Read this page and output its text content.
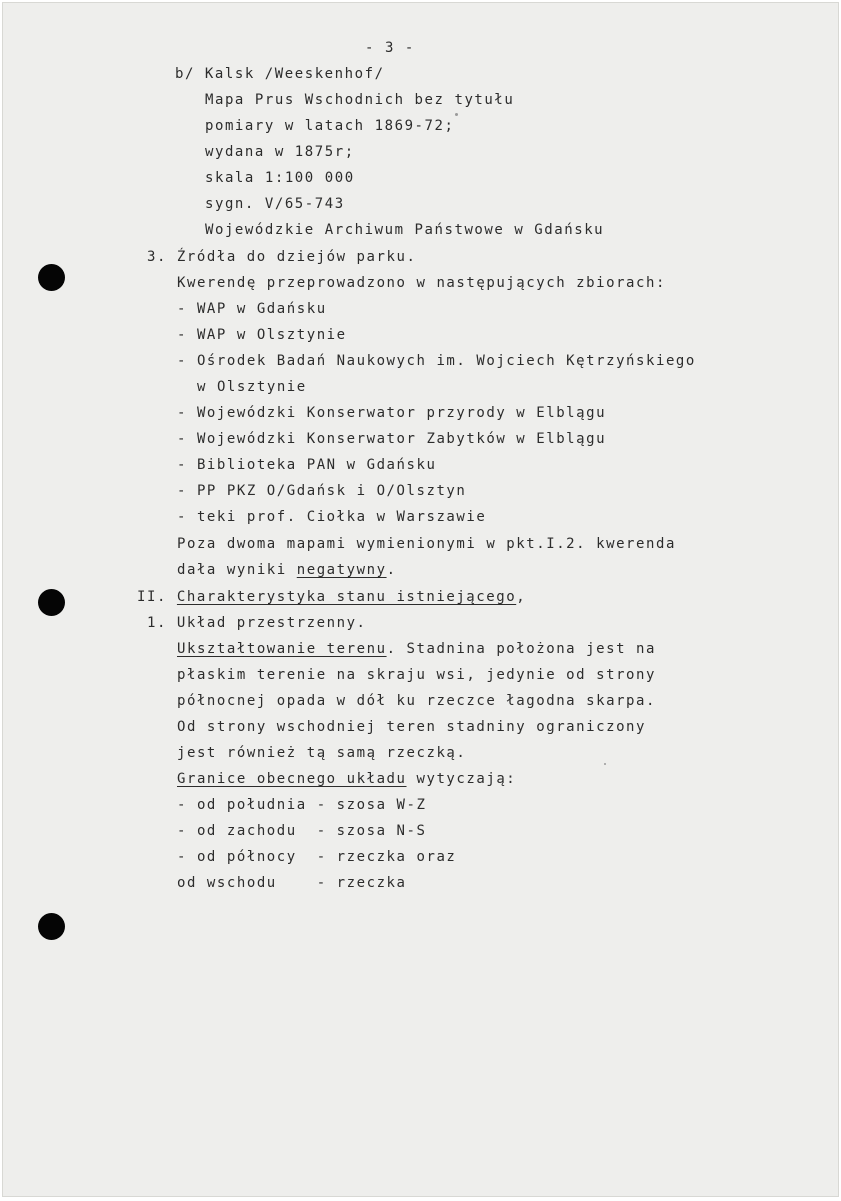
- 3 -
b/ Kalsk /Weeskenhof/
Mapa Prus Wschodnich bez tytułu
pomiary w latach 1869-72;
wydana w 1875r;
skala 1:100 000
sygn. V/65-743
Wojewódzkie Archiwum Państwowe w Gdańsku
3. Źródła do dziejów parku.
Kwerendę przeprowadzono w następujących zbiorach:
- WAP w Gdańsku
- WAP w Olsztynie
- Ośrodek Badań Naukowych im. Wojciech Kętrzyńskiego
w Olsztynie
- Wojewódzki Konserwator przyrody w Elblągu
- Wojewódzki Konserwator Zabytków w Elblągu
- Biblioteka PAN w Gdańsku
- PP PKZ O/Gdańsk i O/Olsztyn
- teki prof. Ciołka w Warszawie
Poza dwoma mapami wymienionymi w pkt.I.2. kwerenda
dała wyniki negatywny.
II. Charakterystyka stanu istniejącego,
1. Układ przestrzenny.
Ukształtowanie terenu. Stadnina położona jest na
płaskim terenie na skraju wsi, jedynie od strony
północnej opada w dół ku rzeczce łagodna skarpa.
Od strony wschodniej teren stadniny ograniczony
jest również tą samą rzeczką.
Granice obecnego układu wytyczają:
- od południa - szosa W-Z
- od zachodu  - szosa N-S
- od północy  - rzeczka oraz
od wschodu    - rzeczka
